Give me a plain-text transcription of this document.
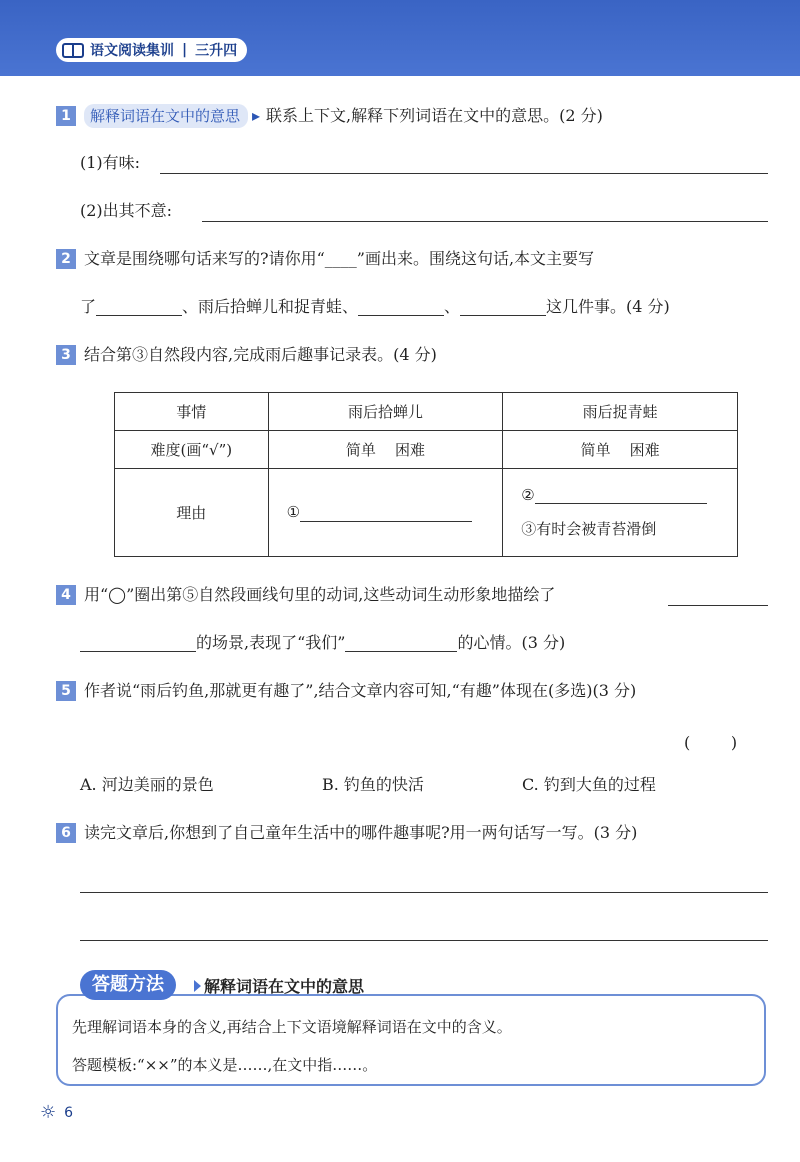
语文阅读集训 | 三升四
1	解释词语在文中的意思 ▸ 联系上下文,解释下列词语在文中的意思。(2 分)
(1)有味:
(2)出其不意:
2 文章是围绕哪句话来写的?请你用“____”画出来。围绕这句话,本文主要写
了	、雨后拾蝉儿和捉青蛙、	、	这几件事。(4 分)
3 结合第③自然段内容,完成雨后趣事记录表。(4 分)
事情	雨后拾蝉儿	雨后捉青蛙
难度(画“√”)	简单    困难	简单    困难
理由	①	②
③有时会被青苔滑倒
4 用“◯”圈出第⑤自然段画线句里的动词,这些动词生动形象地描绘了
的场景,表现了“我们”	的心情。(3 分)
5 作者说“雨后钓鱼,那就更有趣了”,结合文章内容可知,“有趣”体现在(多选)(3 分)
(        )
A. 河边美丽的景色	B. 钓鱼的快活	C. 钓到大鱼的过程
6 读完文章后,你想到了自己童年生活中的哪件趣事呢?用一两句话写一写。(3 分)
答题方法	解释词语在文中的意思
先理解词语本身的含义,再结合上下文语境解释词语在文中的含义。
答题模板:“××”的本义是……,在文中指……。
☼ 6
